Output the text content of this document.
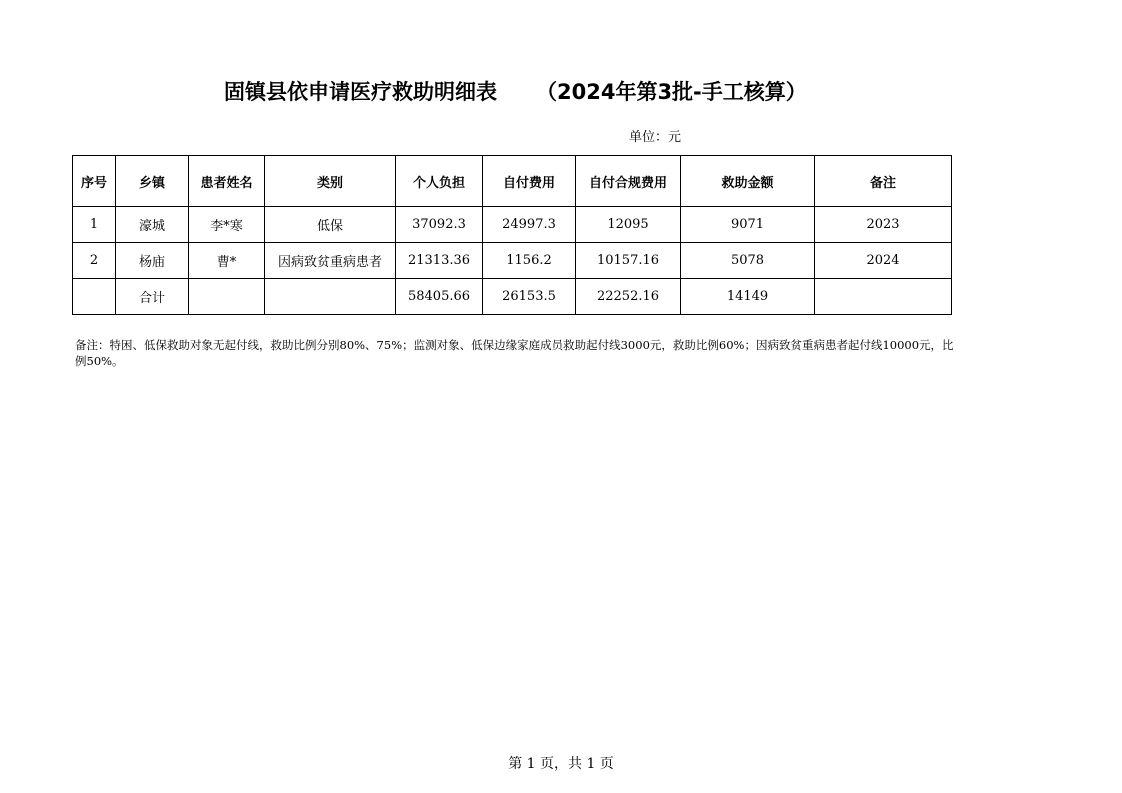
固镇县依申请医疗救助明细表 （2024年第3批-手工核算）
单位：元
序号	乡镇	患者姓名	类别	个人负担	自付费用	自付合规费用	救助金额	备注
1	濠城	李*寒	低保	37092.3	24997.3	12095	9071	2023
2	杨庙	曹*	因病致贫重病患者	21313.36	1156.2	10157.16	5078	2024
	合计			58405.66	26153.5	22252.16	14149	
备注：特困、低保救助对象无起付线，救助比例分别80%、75%；监测对象、低保边缘家庭成员救助起付线3000元，救助比例60%；因病致贫重病患者起付线10000元，比例50%。
第 1 页，共 1 页
